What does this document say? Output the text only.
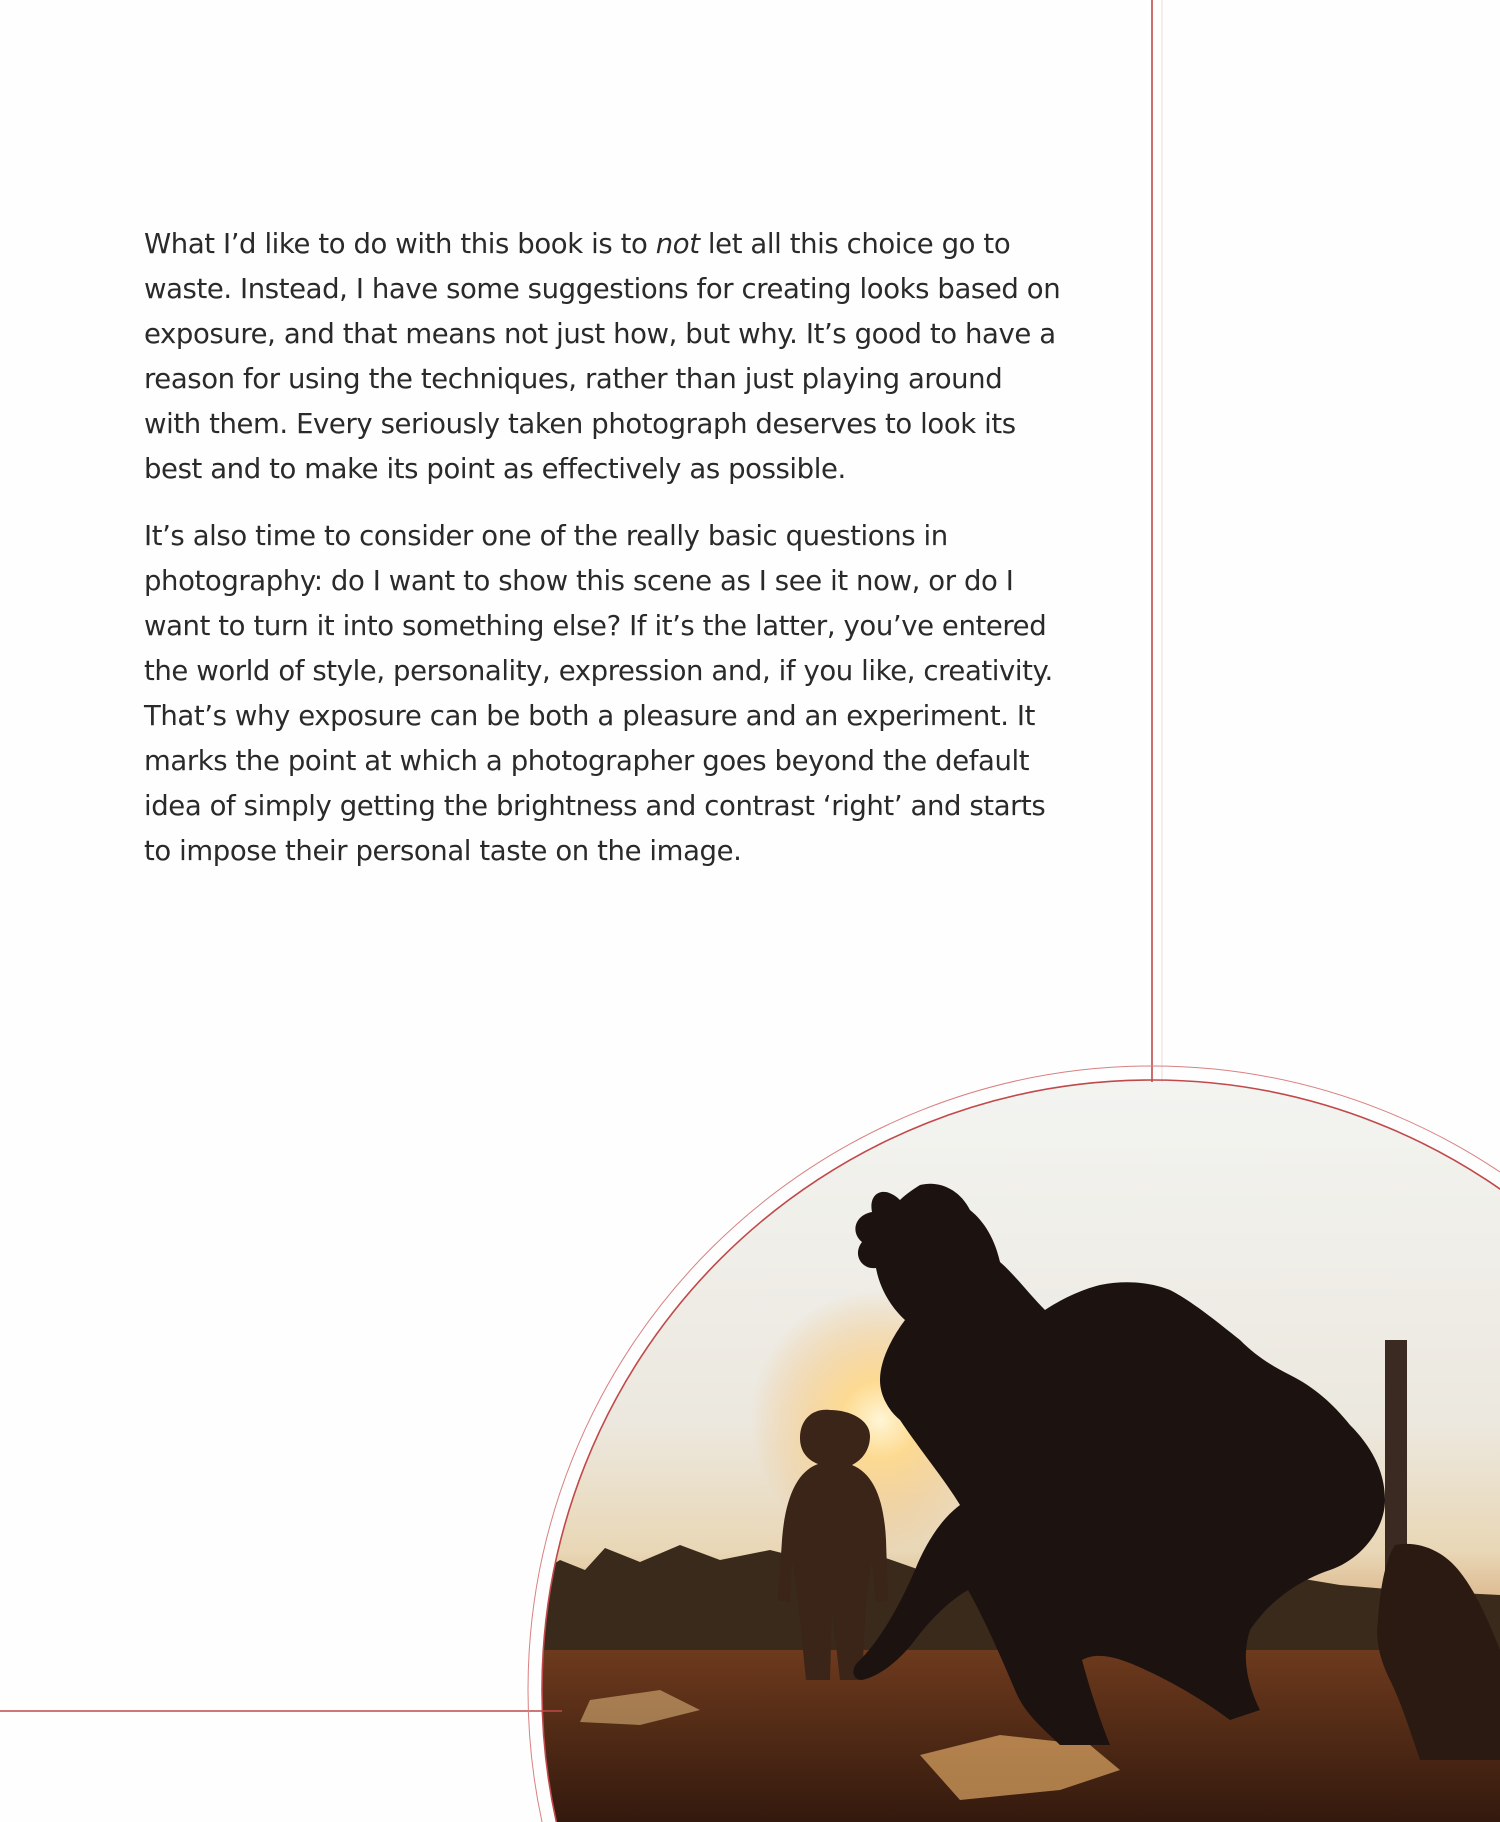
What I’d like to do with this book is to not let all this choice go to waste. Instead, I have some suggestions for creating looks based on exposure, and that means not just how, but why. It’s good to have a reason for using the techniques, rather than just playing around with them. Every seriously taken photograph deserves to look its best and to make its point as effectively as possible.

It’s also time to consider one of the really basic questions in photography: do I want to show this scene as I see it now, or do I want to turn it into something else? If it’s the latter, you’ve entered the world of style, personality, expression and, if you like, creativity. That’s why exposure can be both a pleasure and an experiment. It marks the point at which a photographer goes beyond the default idea of simply getting the brightness and contrast ‘right’ and starts to impose their personal taste on the image.
